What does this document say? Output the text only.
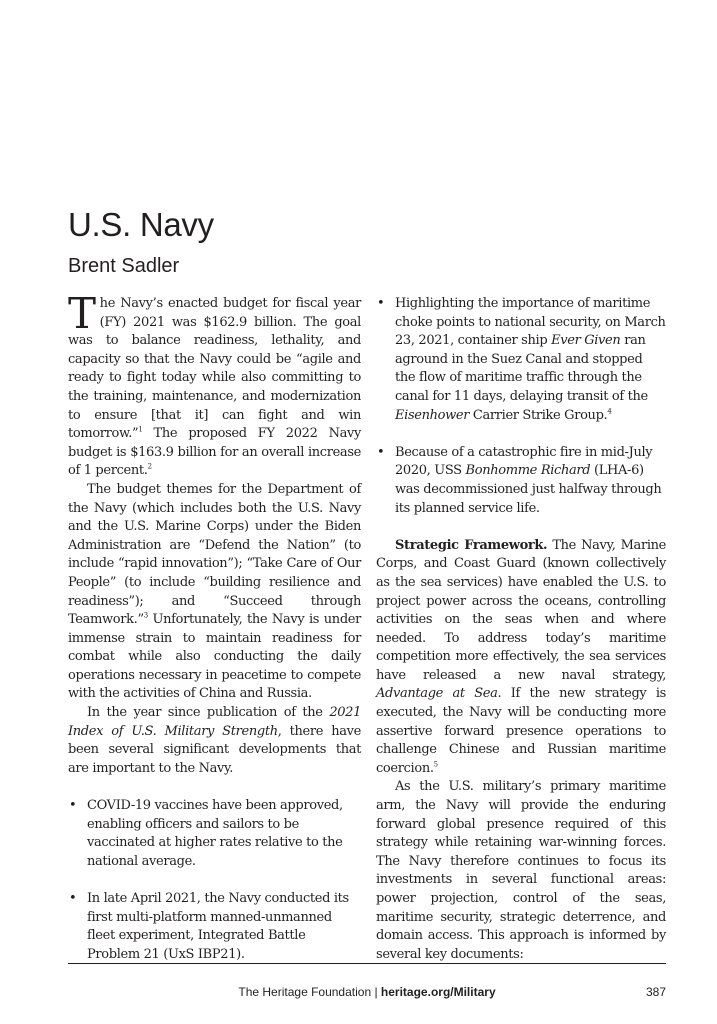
U.S. Navy
Brent Sadler

The Navy’s enacted budget for fiscal year (FY) 2021 was $162.9 billion. The goal was to balance readiness, lethality, and capacity so that the Navy could be “agile and ready to fight today while also committing to the training, maintenance, and modernization to ensure [that it] can fight and win tomorrow.”$^1$ The proposed FY 2022 Navy budget is $163.9 billion for an overall increase of 1 percent.$^2$

The budget themes for the Department of the Navy (which includes both the U.S. Navy and the U.S. Marine Corps) under the Biden Administration are “Defend the Nation” (to include “rapid innovation”); “Take Care of Our People” (to include “building resilience and readiness”); and “Succeed through Teamwork.”$^3$ Unfortunately, the Navy is under immense strain to maintain readiness for combat while also conducting the daily operations necessary in peacetime to compete with the activities of China and Russia.

In the year since publication of the 2021 Index of U.S. Military Strength, there have been several significant developments that are important to the Navy.

• COVID-19 vaccines have been approved, enabling officers and sailors to be vaccinated at higher rates relative to the national average.
• In late April 2021, the Navy conducted its first multi-platform manned-unmanned fleet experiment, Integrated Battle Problem 21 (UxS IBP21).
• Highlighting the importance of maritime choke points to national security, on March 23, 2021, container ship Ever Given ran aground in the Suez Canal and stopped the flow of maritime traffic through the canal for 11 days, delaying transit of the Eisenhower Carrier Strike Group.$^4$
• Because of a catastrophic fire in mid-July 2020, USS Bonhomme Richard (LHA-6) was decommissioned just halfway through its planned service life.

Strategic Framework. The Navy, Marine Corps, and Coast Guard (known collectively as the sea services) have enabled the U.S. to project power across the oceans, controlling activities on the seas when and where needed. To address today’s maritime competition more effectively, the sea services have released a new naval strategy, Advantage at Sea. If the new strategy is executed, the Navy will be conducting more assertive forward presence operations to challenge Chinese and Russian maritime coercion.$^5$

As the U.S. military’s primary maritime arm, the Navy will provide the enduring forward global presence required of this strategy while retaining war-winning forces. The Navy therefore continues to focus its investments in several functional areas: power projection, control of the seas, maritime security, strategic deterrence, and domain access. This approach is informed by several key documents:

The Heritage Foundation | heritage.org/Military	387
